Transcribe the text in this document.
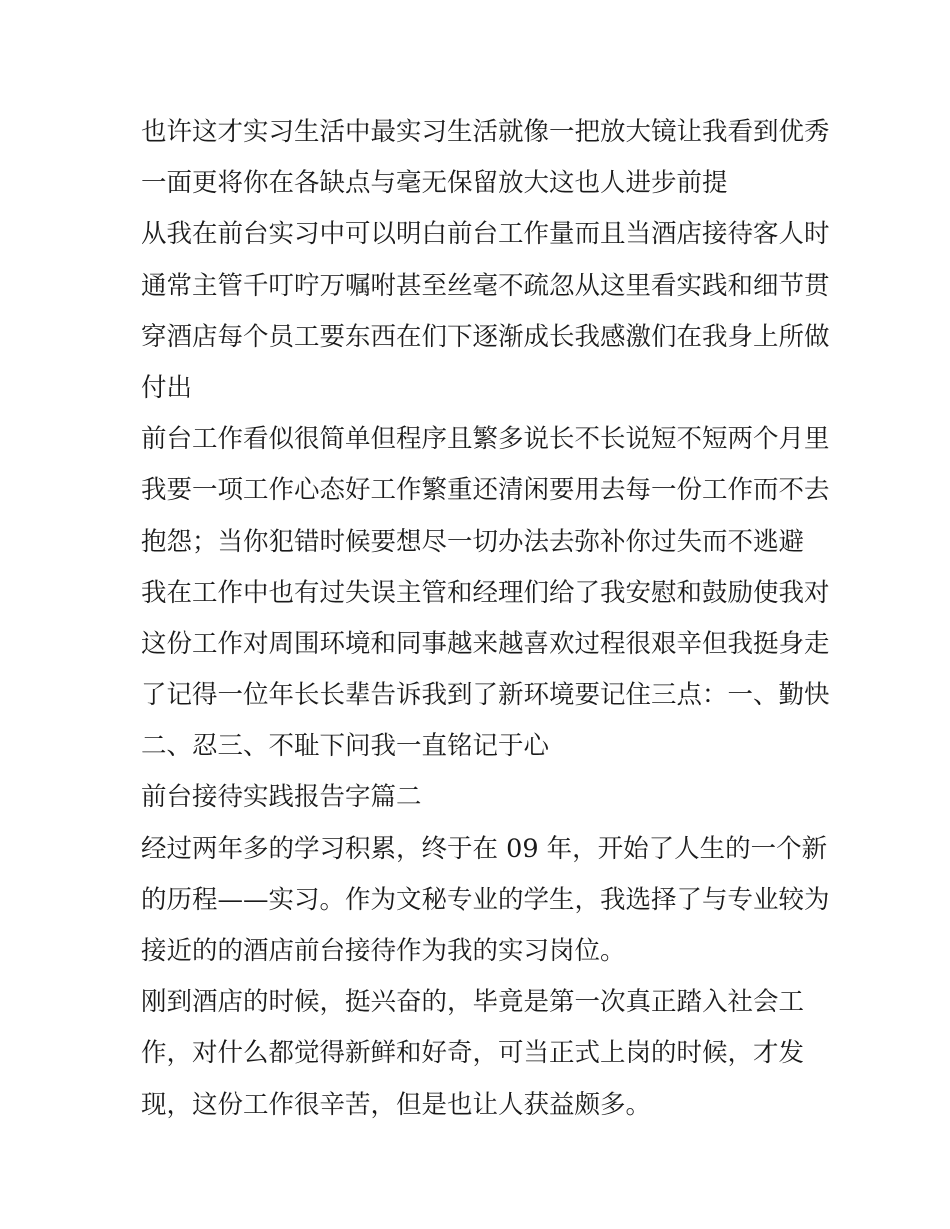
也许这才实习生活中最实习生活就像一把放大镜让我看到优秀
一面更将你在各缺点与毫无保留放大这也人进步前提
从我在前台实习中可以明白前台工作量而且当酒店接待客人时
通常主管千叮咛万嘱咐甚至丝毫不疏忽从这里看实践和细节贯
穿酒店每个员工要东西在们下逐渐成长我感激们在我身上所做
付出
前台工作看似很简单但程序且繁多说长不长说短不短两个月里
我要一项工作心态好工作繁重还清闲要用去每一份工作而不去
抱怨；当你犯错时候要想尽一切办法去弥补你过失而不逃避
我在工作中也有过失误主管和经理们给了我安慰和鼓励使我对
这份工作对周围环境和同事越来越喜欢过程很艰辛但我挺身走
了记得一位年长长辈告诉我到了新环境要记住三点：一、勤快
二、忍三、不耻下问我一直铭记于心
前台接待实践报告字篇二
经过两年多的学习积累，终于在 09 年，开始了人生的一个新
的历程——实习。作为文秘专业的学生，我选择了与专业较为
接近的的酒店前台接待作为我的实习岗位。
刚到酒店的时候，挺兴奋的，毕竟是第一次真正踏入社会工
作，对什么都觉得新鲜和好奇，可当正式上岗的时候，才发
现，这份工作很辛苦，但是也让人获益颇多。
